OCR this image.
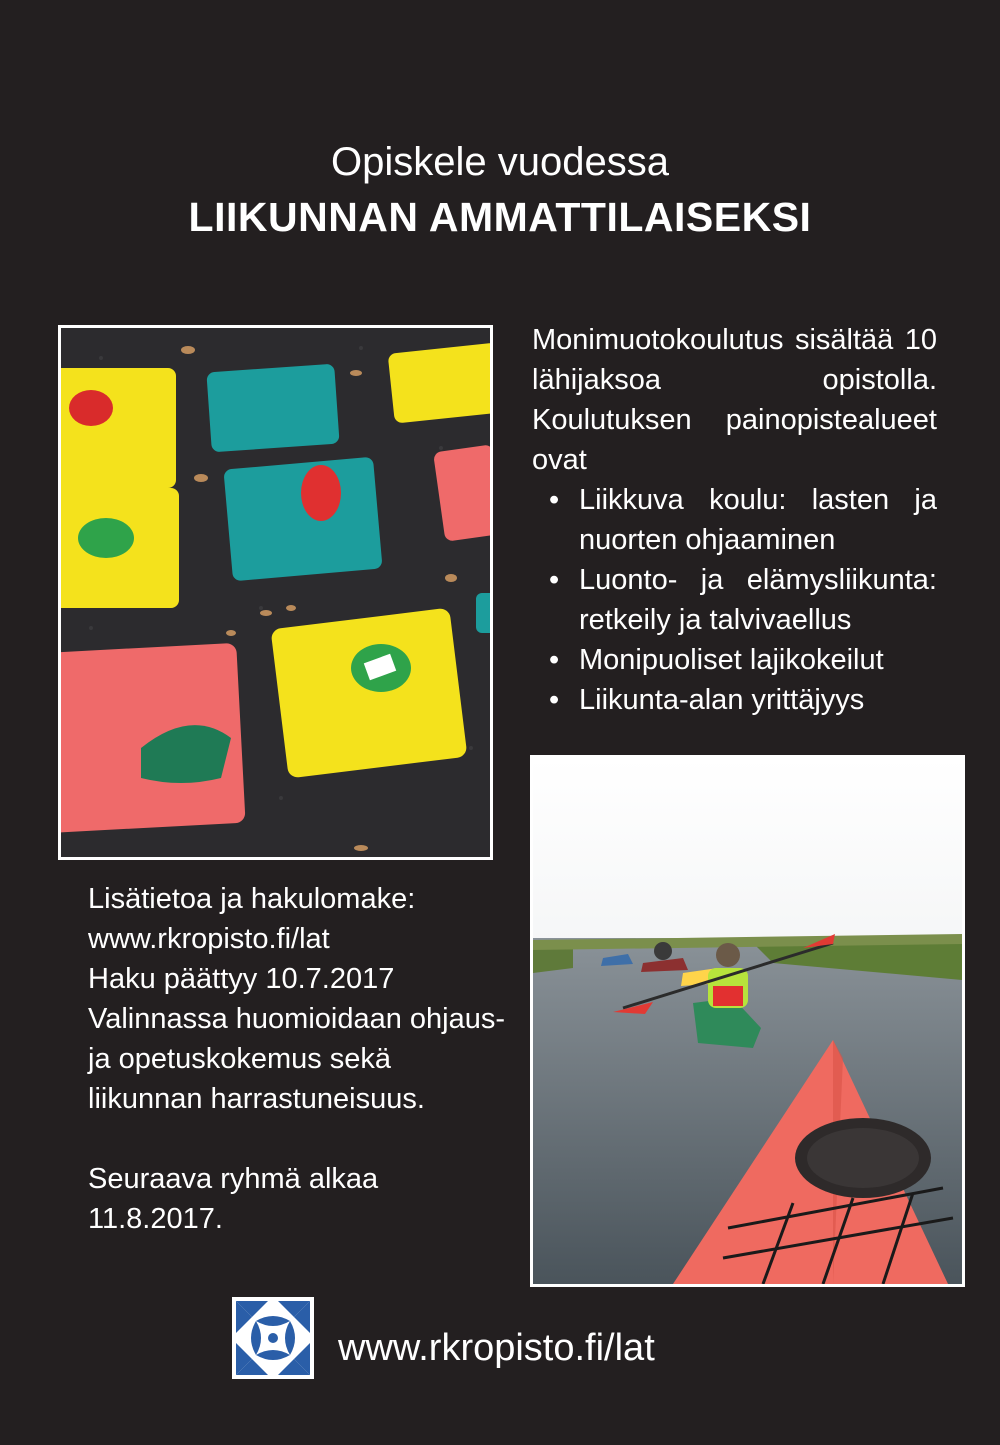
Opiskele vuodessa
LIIKUNNAN AMMATTILAISEKSI

Monimuotokoulutus sisältää 10 lähijaksoa opistolla. Koulutuksen painopistealueet ovat

• Liikkuva koulu: lasten ja nuorten ohjaaminen
• Luonto- ja elämysliikunta: retkeily ja talvivaellus
• Monipuoliset lajikokeilut
• Liikunta-alan yrittäjyys

Lisätietoa ja hakulomake:

www.rkropisto.fi/lat

Haku päättyy 10.7.2017

Valinnassa huomioidaan ohjaus- ja opetuskokemus sekä liikunnan harrastuneisuus.

Seuraava ryhmä alkaa 11.8.2017.

www.rkropisto.fi/lat
